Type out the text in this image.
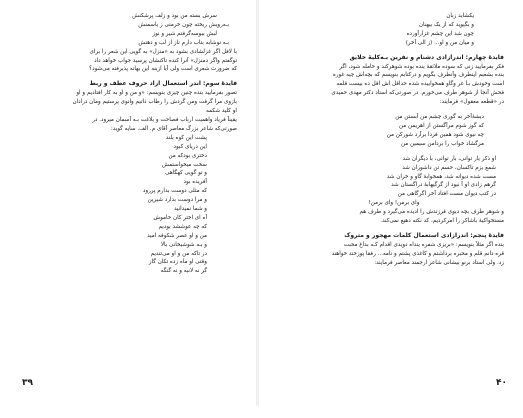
سرش بسته من بود و زلف پرشکنش
بـه‌رویش ریخته چون خرمنی ز یاسمنش
لبش ببوسه‌گرفتم شیر و نوز
بـه نوشابه بتاب دارم ناز از لب و دهنش
با لافل اگر غزلشادی بشود به «منزل» به گویی این شعر را برای
توگفتم واگر دمنزل» آنرا کنده تاکنشان پرسید جواب خواهد داد
که ضرورت شعری است ولی آیا ازینه این بهانه پذیرفته می‌شود؟
فایدهٔ سوم: اندر استعمال آزاد حروف عطف و ربط
تصور بفرمایید بنده چنین چیزی بنویسم: «و من و او به کار افتادیم و او
بازوی مرا گرفت ومن گردش را رطاب ذاتیم وانوی پرستیم ومان درادان
او کلید شکمه
یقیناً فریاد واهمیت ارباب فصاحت و بلاغت بـه آسمان میرود. در
صورتی‌که شاعر بزرگ معاصر آقای م. الف. سایه گوید:
پشت این کوه بلند
این دریای کبود
دختری بودکه من
سخت میخواستمش
و تو گویی کهگاهی
آفریده بود
که مثلی دوست بدارم پررود
و مرا دوست بدارد شیرین
و شما نمیدانید
آه ای اختر کان خاموش
که چه عوششد بودیم
من و او عصر شکوفه امید
و بـه شوشیخانی بالا
در تاکه من و او می‌تندیم
وقتی او ماه زده تکان گاز
گر نه لانبه و نه گنگه
۳۹
یکشاید زبان
و بگیوید که از یک بیهنان
چون شد این چشم غزارآورده
و میان من و او... (ز الی آخر)
فایدهٔ چهارم: اندرآزادی دشنام و نفرین بـه‌کلیهٔ خلایق
فکر بفرمایید زنی که سوده ملائقهٔ بنده بوده شوهرکند و حامله شود، اگر
بنده بشعیم اینطرف وآنطرف بگویم و درکتابم بنویسم که بچه‌اش چیه غوره
است وخودش بـا غر وگاو همخوابیده شده حداقل اش اقل ده بیست قلمه
فحش آنجا از شوهر طرف می‌خورم. در صورتی‌که استاد دکتر مهدی حمیدی
در «قطعه معقول» فرمایند:
دیشهٔ‌آخر به گوری چشم من آبستن من
که گوز شوم مرآگستن از اهریمن من
چه نیوی شود همین فردا براَرد شورکن من
مرگشاد خواب را بردامن سیمین من
او ذکر یار توانی، بار توانی، با دیگران شد
شمع بزم تاکسان، حسم تن داشوران شد
مست شده دیوانه شد، همخوابهٔ گاو و خران شد
گرهم زادی او آ نیود از گرگیهابهٔ دراگستان شد
در کتب دیوان مست افتاد آخر اگرگاهی من
وای برمن! وای برمن!
و شوهر طرف بچه دیوی فرزندش را ادیده می‌گیرد و طرف هم
مستخواکیهٔ باشاکر را امرکردیم، کد نکته دهیع نمی‌کند.
فایدهٔ پنجم: اندرآزادی استعمال کلمات مهجور و متروک
بنده اگر مثلاً بنویسم: «بریزی شفره ینداه دویدی اقدام کـه بداغ محبت
قره دانم قلم و محبره برداشتم و کاغذی پشتم و نامه... رفقا پوزخند خواهند
زد. ولی استاد برنو بیشانی شاعر ارجمند معاصر فرمایند:
۴۰
